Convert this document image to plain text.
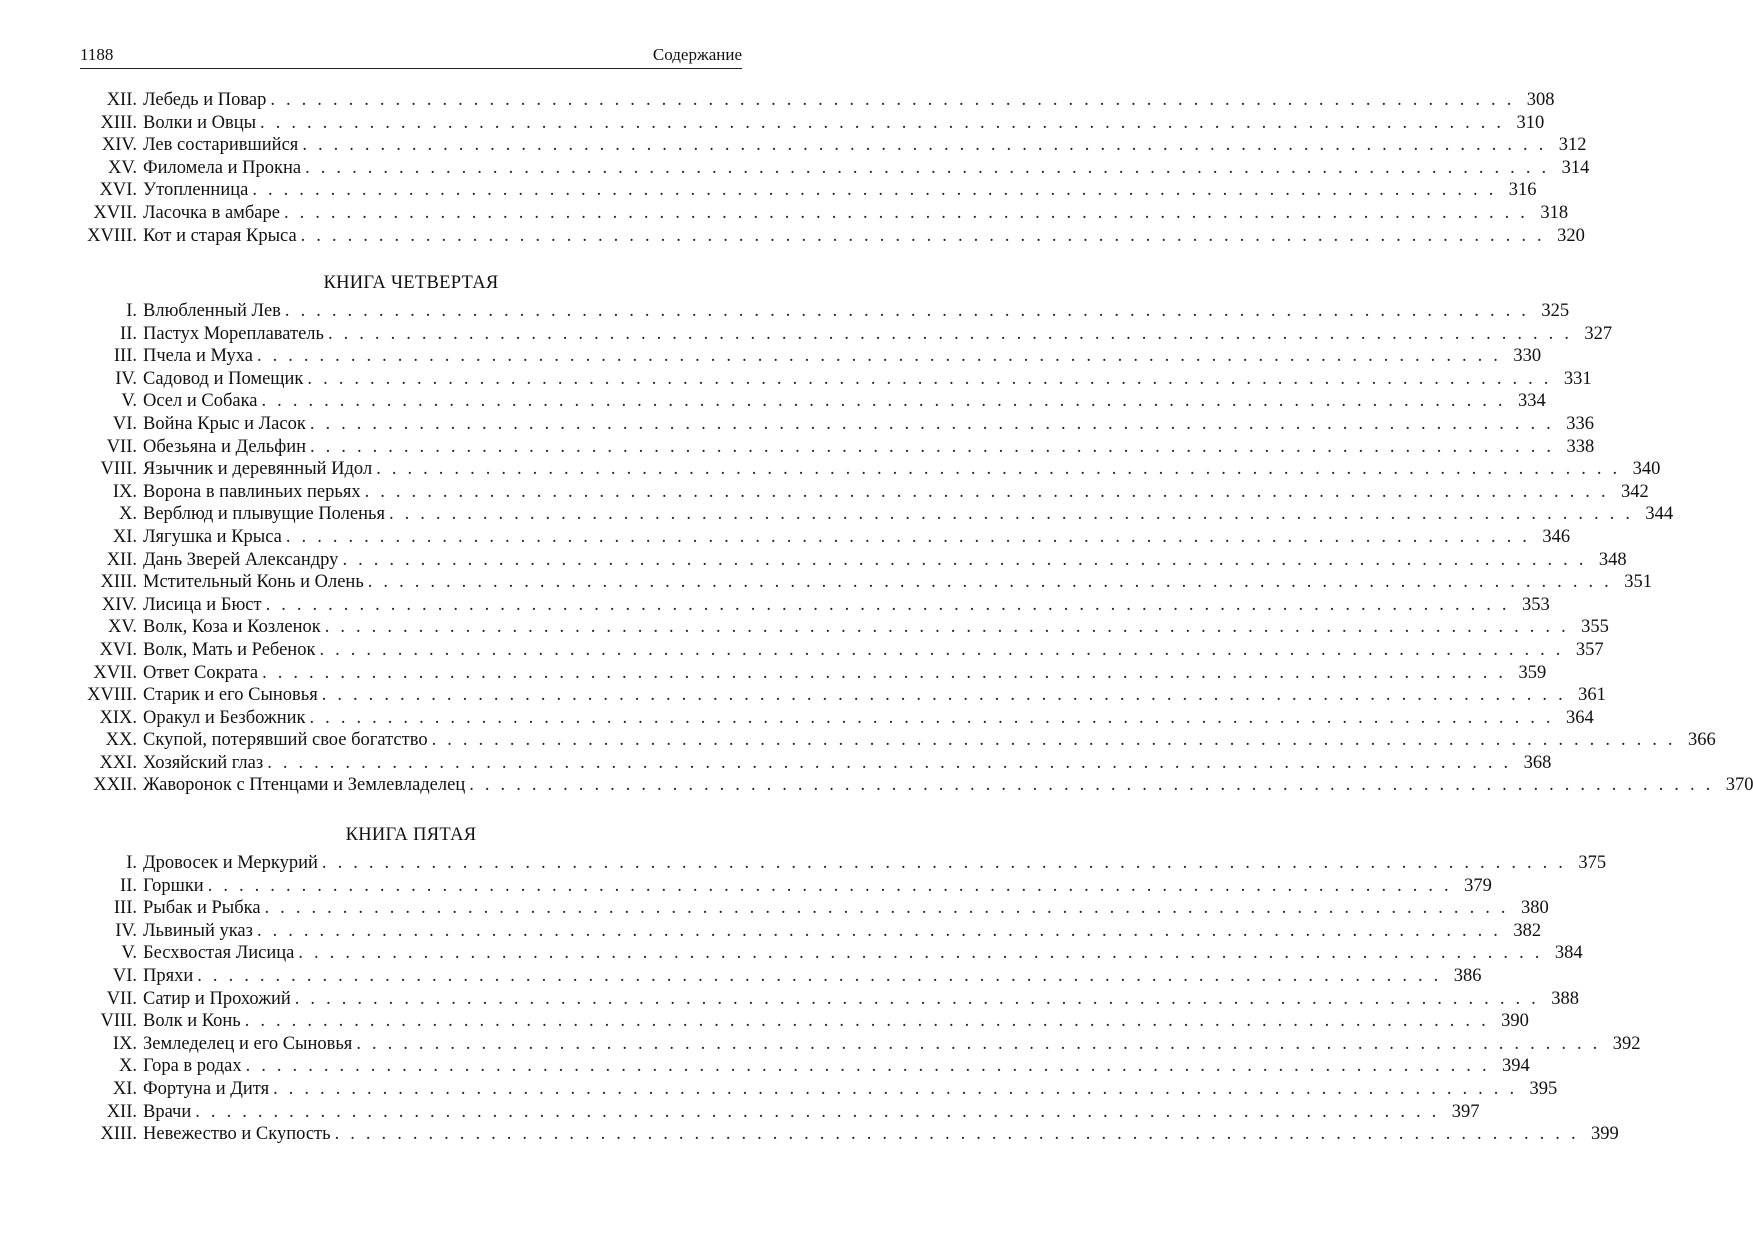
1188	Содержание
XII. Лебедь и Повар . . . . . . . . . . . . . . . . . . . . . . . . . . . . . . . . . . . . . . . . . . . . . . . . . . . . . . . . . . . . . . . . . . . . . . . . . . . . . . . . 308
XIII. Волки и Овцы . . . . . . . . . . . . . . . . . . . . . . . . . . . . . . . . . . . . . . . . . . . . . . . . . . . . . . . . . . . . . . . . . . . . . . . . . . . . . . . . 310
XIV. Лев состарившийся . . . . . . . . . . . . . . . . . . . . . . . . . . . . . . . . . . . . . . . . . . . . . . . . . . . . . . . . . . . . . . . . . . . . . . . . . . . . . . . . 312
XV. Филомела и Прокна . . . . . . . . . . . . . . . . . . . . . . . . . . . . . . . . . . . . . . . . . . . . . . . . . . . . . . . . . . . . . . . . . . . . . . . . . . . . . . . . 314
XVI. Утопленница . . . . . . . . . . . . . . . . . . . . . . . . . . . . . . . . . . . . . . . . . . . . . . . . . . . . . . . . . . . . . . . . . . . . . . . . . . . . . . . . 316
XVII. Ласочка в амбаре . . . . . . . . . . . . . . . . . . . . . . . . . . . . . . . . . . . . . . . . . . . . . . . . . . . . . . . . . . . . . . . . . . . . . . . . . . . . . . . . 318
XVIII. Кот и старая Крыса . . . . . . . . . . . . . . . . . . . . . . . . . . . . . . . . . . . . . . . . . . . . . . . . . . . . . . . . . . . . . . . . . . . . . . . . . . . . . . . . 320
КНИГА ЧЕТВЕРТАЯ
I. Влюбленный Лев . . . . . . . . . . . . . . . . . . . . . . . . . . . . . . . . . . . . . . . . . . . . . . . . . . . . . . . . . . . . . . . . . . . . . . . . . . . . . . . . 325
II. Пастух Мореплаватель . . . . . . . . . . . . . . . . . . . . . . . . . . . . . . . . . . . . . . . . . . . . . . . . . . . . . . . . . . . . . . . . . . . . . . . . . . . . . . . . 327
III. Пчела и Муха . . . . . . . . . . . . . . . . . . . . . . . . . . . . . . . . . . . . . . . . . . . . . . . . . . . . . . . . . . . . . . . . . . . . . . . . . . . . . . . . 330
IV. Садовод и Помещик . . . . . . . . . . . . . . . . . . . . . . . . . . . . . . . . . . . . . . . . . . . . . . . . . . . . . . . . . . . . . . . . . . . . . . . . . . . . . . . . 331
V. Осел и Собака . . . . . . . . . . . . . . . . . . . . . . . . . . . . . . . . . . . . . . . . . . . . . . . . . . . . . . . . . . . . . . . . . . . . . . . . . . . . . . . . 334
VI. Война Крыс и Ласок . . . . . . . . . . . . . . . . . . . . . . . . . . . . . . . . . . . . . . . . . . . . . . . . . . . . . . . . . . . . . . . . . . . . . . . . . . . . . . . . 336
VII. Обезьяна и Дельфин . . . . . . . . . . . . . . . . . . . . . . . . . . . . . . . . . . . . . . . . . . . . . . . . . . . . . . . . . . . . . . . . . . . . . . . . . . . . . . . . 338
VIII. Язычник и деревянный Идол . . . . . . . . . . . . . . . . . . . . . . . . . . . . . . . . . . . . . . . . . . . . . . . . . . . . . . . . . . . . . . . . . . . . . . . . . . . . . . . . 340
IX. Ворона в павлиньих перьях . . . . . . . . . . . . . . . . . . . . . . . . . . . . . . . . . . . . . . . . . . . . . . . . . . . . . . . . . . . . . . . . . . . . . . . . . . . . . . . . 342
X. Верблюд и плывущие Поленья . . . . . . . . . . . . . . . . . . . . . . . . . . . . . . . . . . . . . . . . . . . . . . . . . . . . . . . . . . . . . . . . . . . . . . . . . . . . . . . . 344
XI. Лягушка и Крыса . . . . . . . . . . . . . . . . . . . . . . . . . . . . . . . . . . . . . . . . . . . . . . . . . . . . . . . . . . . . . . . . . . . . . . . . . . . . . . . . 346
XII. Дань Зверей Александру . . . . . . . . . . . . . . . . . . . . . . . . . . . . . . . . . . . . . . . . . . . . . . . . . . . . . . . . . . . . . . . . . . . . . . . . . . . . . . . . 348
XIII. Мстительный Конь и Олень . . . . . . . . . . . . . . . . . . . . . . . . . . . . . . . . . . . . . . . . . . . . . . . . . . . . . . . . . . . . . . . . . . . . . . . . . . . . . . . . 351
XIV. Лисица и Бюст . . . . . . . . . . . . . . . . . . . . . . . . . . . . . . . . . . . . . . . . . . . . . . . . . . . . . . . . . . . . . . . . . . . . . . . . . . . . . . . . 353
XV. Волк, Коза и Козленок . . . . . . . . . . . . . . . . . . . . . . . . . . . . . . . . . . . . . . . . . . . . . . . . . . . . . . . . . . . . . . . . . . . . . . . . . . . . . . . . 355
XVI. Волк, Мать и Ребенок . . . . . . . . . . . . . . . . . . . . . . . . . . . . . . . . . . . . . . . . . . . . . . . . . . . . . . . . . . . . . . . . . . . . . . . . . . . . . . . . 357
XVII. Ответ Сократа . . . . . . . . . . . . . . . . . . . . . . . . . . . . . . . . . . . . . . . . . . . . . . . . . . . . . . . . . . . . . . . . . . . . . . . . . . . . . . . . 359
XVIII. Старик и его Сыновья . . . . . . . . . . . . . . . . . . . . . . . . . . . . . . . . . . . . . . . . . . . . . . . . . . . . . . . . . . . . . . . . . . . . . . . . . . . . . . . . 361
XIX. Оракул и Безбожник . . . . . . . . . . . . . . . . . . . . . . . . . . . . . . . . . . . . . . . . . . . . . . . . . . . . . . . . . . . . . . . . . . . . . . . . . . . . . . . . 364
XX. Скупой, потерявший свое богатство . . . . . . . . . . . . . . . . . . . . . . . . . . . . . . . . . . . . . . . . . . . . . . . . . . . . . . . . . . . . . . . . . . . . . . . . . . . . . . . . 366
XXI. Хозяйский глаз . . . . . . . . . . . . . . . . . . . . . . . . . . . . . . . . . . . . . . . . . . . . . . . . . . . . . . . . . . . . . . . . . . . . . . . . . . . . . . . . 368
XXII. Жаворонок с Птенцами и Землевладелец . . . . . . . . . . . . . . . . . . . . . . . . . . . . . . . . . . . . . . . . . . . . . . . . . . . . . . . . . . . . . . . . . . . . . . . . . . . . . . . . 370
КНИГА ПЯТАЯ
I. Дровосек и Меркурий . . . . . . . . . . . . . . . . . . . . . . . . . . . . . . . . . . . . . . . . . . . . . . . . . . . . . . . . . . . . . . . . . . . . . . . . . . . . . . . . 375
II. Горшки . . . . . . . . . . . . . . . . . . . . . . . . . . . . . . . . . . . . . . . . . . . . . . . . . . . . . . . . . . . . . . . . . . . . . . . . . . . . . . . . 379
III. Рыбак и Рыбка . . . . . . . . . . . . . . . . . . . . . . . . . . . . . . . . . . . . . . . . . . . . . . . . . . . . . . . . . . . . . . . . . . . . . . . . . . . . . . . . 380
IV. Львиный указ . . . . . . . . . . . . . . . . . . . . . . . . . . . . . . . . . . . . . . . . . . . . . . . . . . . . . . . . . . . . . . . . . . . . . . . . . . . . . . . . 382
V. Бесхвостая Лисица . . . . . . . . . . . . . . . . . . . . . . . . . . . . . . . . . . . . . . . . . . . . . . . . . . . . . . . . . . . . . . . . . . . . . . . . . . . . . . . . 384
VI. Пряхи . . . . . . . . . . . . . . . . . . . . . . . . . . . . . . . . . . . . . . . . . . . . . . . . . . . . . . . . . . . . . . . . . . . . . . . . . . . . . . . . 386
VII. Сатир и Прохожий . . . . . . . . . . . . . . . . . . . . . . . . . . . . . . . . . . . . . . . . . . . . . . . . . . . . . . . . . . . . . . . . . . . . . . . . . . . . . . . . 388
VIII. Волк и Конь . . . . . . . . . . . . . . . . . . . . . . . . . . . . . . . . . . . . . . . . . . . . . . . . . . . . . . . . . . . . . . . . . . . . . . . . . . . . . . . . 390
IX. Земледелец и его Сыновья . . . . . . . . . . . . . . . . . . . . . . . . . . . . . . . . . . . . . . . . . . . . . . . . . . . . . . . . . . . . . . . . . . . . . . . . . . . . . . . . 392
X. Гора в родах . . . . . . . . . . . . . . . . . . . . . . . . . . . . . . . . . . . . . . . . . . . . . . . . . . . . . . . . . . . . . . . . . . . . . . . . . . . . . . . . 394
XI. Фортуна и Дитя . . . . . . . . . . . . . . . . . . . . . . . . . . . . . . . . . . . . . . . . . . . . . . . . . . . . . . . . . . . . . . . . . . . . . . . . . . . . . . . . 395
XII. Врачи . . . . . . . . . . . . . . . . . . . . . . . . . . . . . . . . . . . . . . . . . . . . . . . . . . . . . . . . . . . . . . . . . . . . . . . . . . . . . . . . 397
XIII. Невежество и Скупость . . . . . . . . . . . . . . . . . . . . . . . . . . . . . . . . . . . . . . . . . . . . . . . . . . . . . . . . . . . . . . . . . . . . . . . . . . . . . . . . 399
